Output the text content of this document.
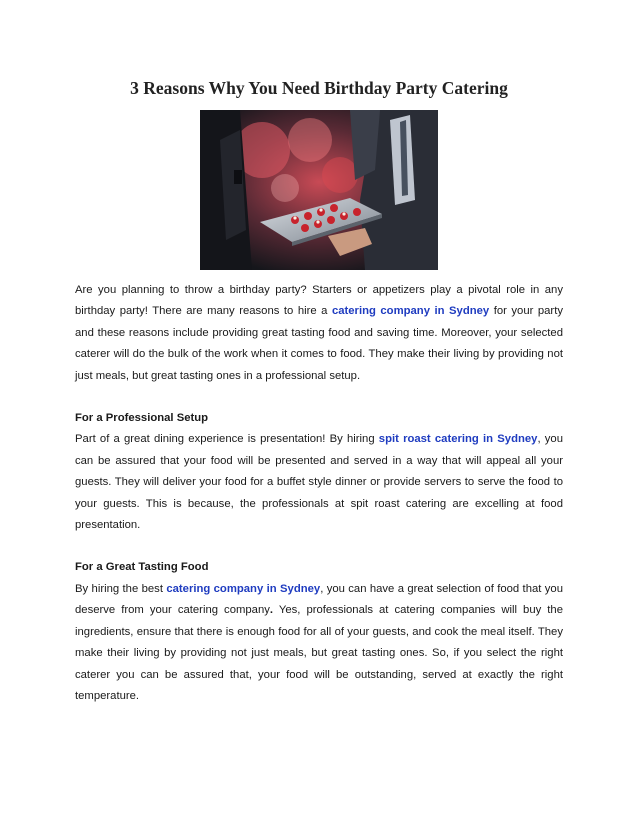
3 Reasons Why You Need Birthday Party Catering

Are you planning to throw a birthday party? Starters or appetizers play a pivotal role in any birthday party! There are many reasons to hire a catering company in Sydney for your party and these reasons include providing great tasting food and saving time. Moreover, your selected caterer will do the bulk of the work when it comes to food. They make their living by providing not just meals, but great tasting ones in a professional setup.

For a Professional Setup

Part of a great dining experience is presentation! By hiring spit roast catering in Sydney, you can be assured that your food will be presented and served in a way that will appeal all your guests. They will deliver your food for a buffet style dinner or provide servers to serve the food to your guests. This is because, the professionals at spit roast catering are excelling at food presentation.

For a Great Tasting Food

By hiring the best catering company in Sydney, you can have a great selection of food that you deserve from your catering company. Yes, professionals at catering companies will buy the ingredients, ensure that there is enough food for all of your guests, and cook the meal itself. They make their living by providing not just meals, but great tasting ones. So, if you select the right caterer you can be assured that, your food will be outstanding, served at exactly the right temperature.
